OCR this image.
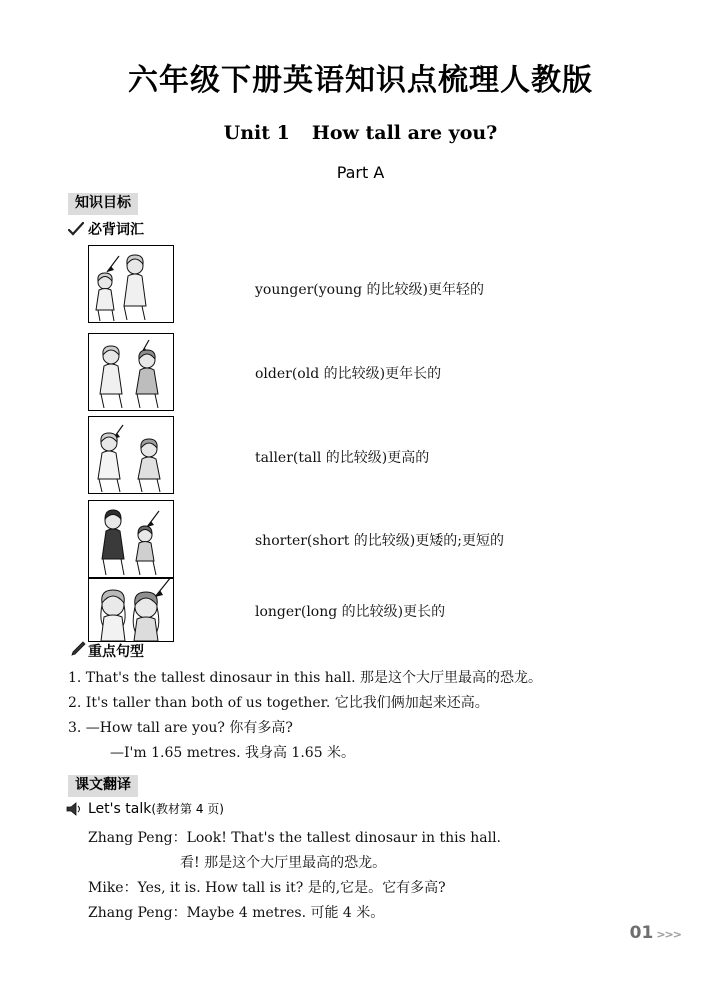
六年级下册英语知识点梳理人教版
Unit 1 How tall are you?
Part A
知识目标
必背词汇
younger(young 的比较级)更年轻的
older(old 的比较级)更年长的
taller(tall 的比较级)更高的
shorter(short 的比较级)更矮的;更短的
longer(long 的比较级)更长的
重点句型
1. That's the tallest dinosaur in this hall. 那是这个大厅里最高的恐龙。
2. It's taller than both of us together. 它比我们俩加起来还高。
3. —How tall are you? 你有多高?
—I'm 1.65 metres. 我身高 1.65 米。
课文翻译
Let's talk(教材第 4 页)
Zhang Peng：Look! That's the tallest dinosaur in this hall.
看! 那是这个大厅里最高的恐龙。
Mike：Yes, it is. How tall is it? 是的,它是。它有多高?
Zhang Peng：Maybe 4 metres. 可能 4 米。
01 >>>
